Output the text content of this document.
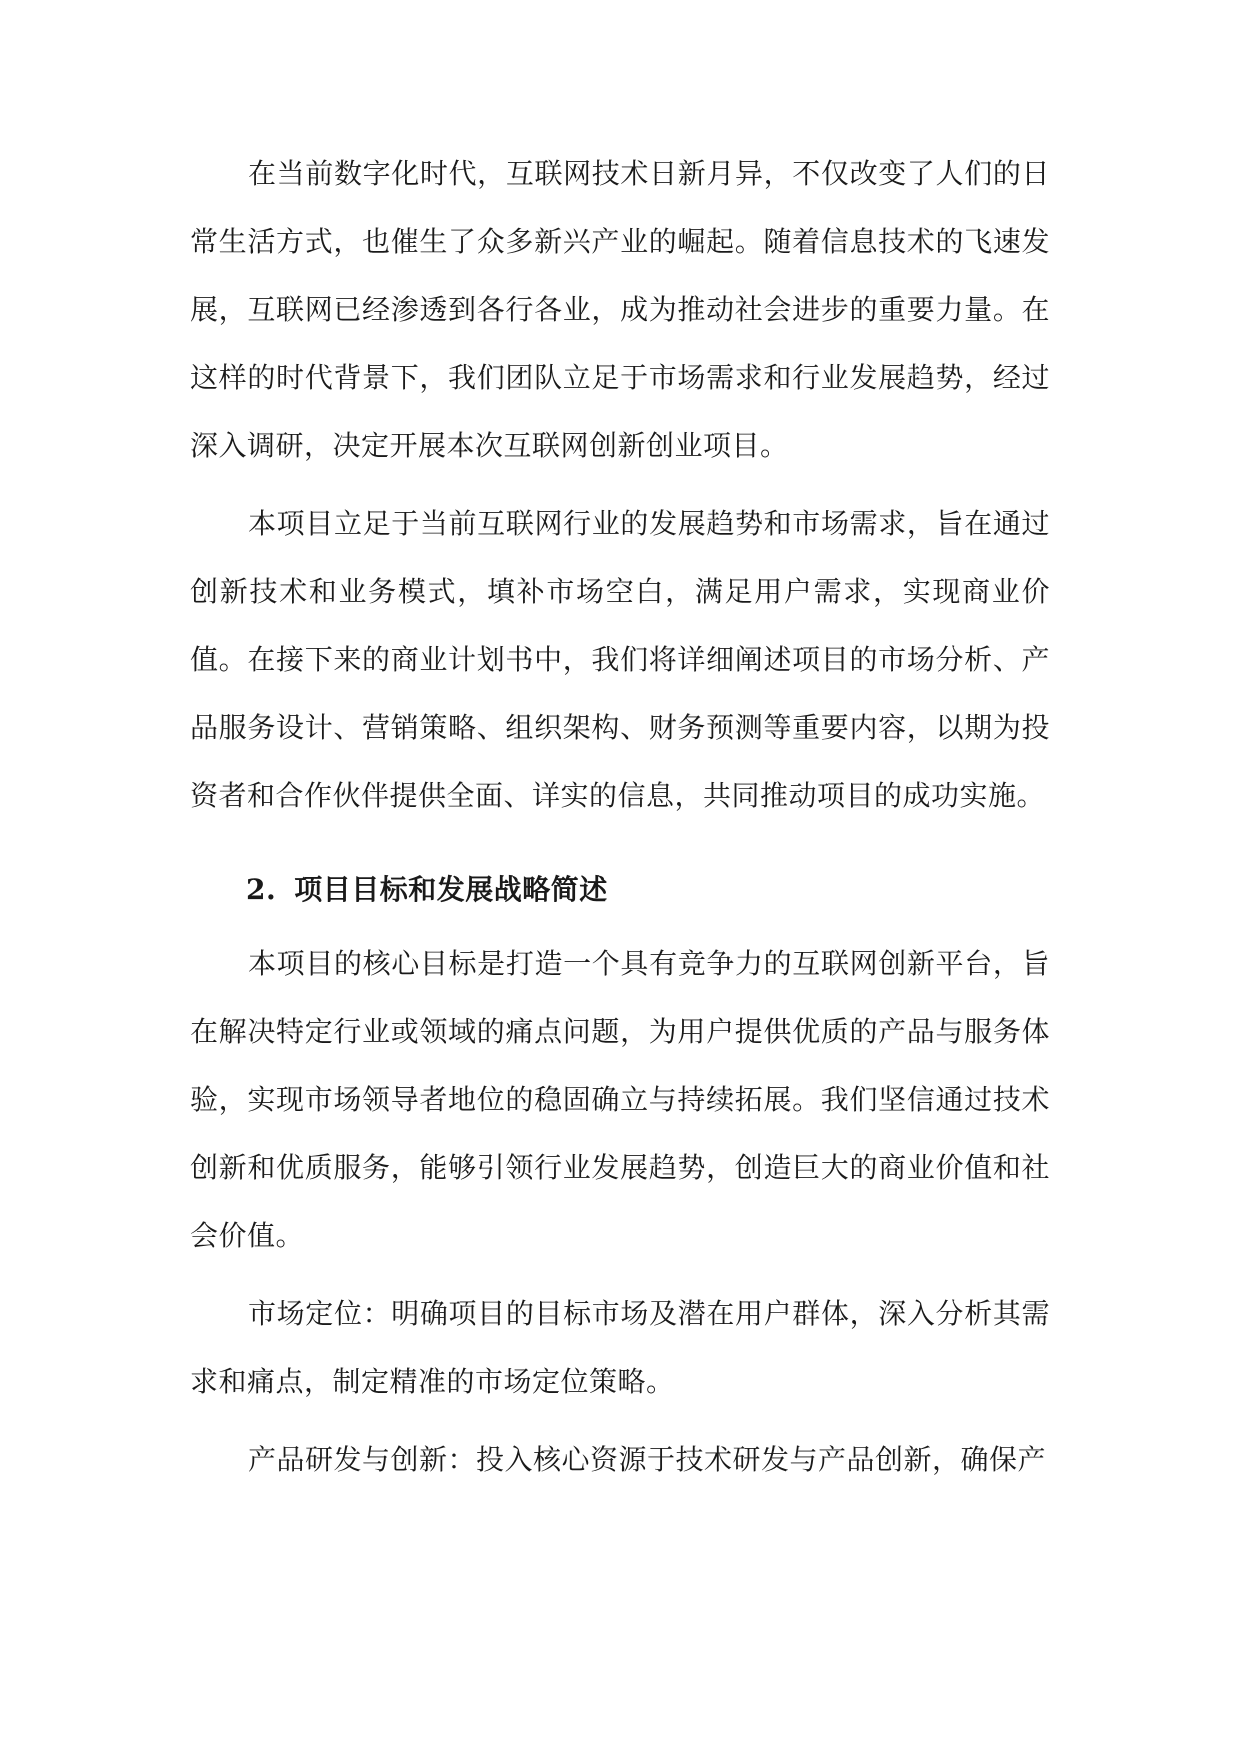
在当前数字化时代，互联网技术日新月异，不仅改变了人们的日常生活方式，也催生了众多新兴产业的崛起。随着信息技术的飞速发展，互联网已经渗透到各行各业，成为推动社会进步的重要力量。在这样的时代背景下，我们团队立足于市场需求和行业发展趋势，经过深入调研，决定开展本次互联网创新创业项目。

本项目立足于当前互联网行业的发展趋势和市场需求，旨在通过创新技术和业务模式，填补市场空白，满足用户需求，实现商业价值。在接下来的商业计划书中，我们将详细阐述项目的市场分析、产品服务设计、营销策略、组织架构、财务预测等重要内容，以期为投资者和合作伙伴提供全面、详实的信息，共同推动项目的成功实施。

2. 项目目标和发展战略简述

本项目的核心目标是打造一个具有竞争力的互联网创新平台，旨在解决特定行业或领域的痛点问题，为用户提供优质的产品与服务体验，实现市场领导者地位的稳固确立与持续拓展。我们坚信通过技术创新和优质服务，能够引领行业发展趋势，创造巨大的商业价值和社会价值。

市场定位：明确项目的目标市场及潜在用户群体，深入分析其需求和痛点，制定精准的市场定位策略。

产品研发与创新：投入核心资源于技术研发与产品创新，确保产
